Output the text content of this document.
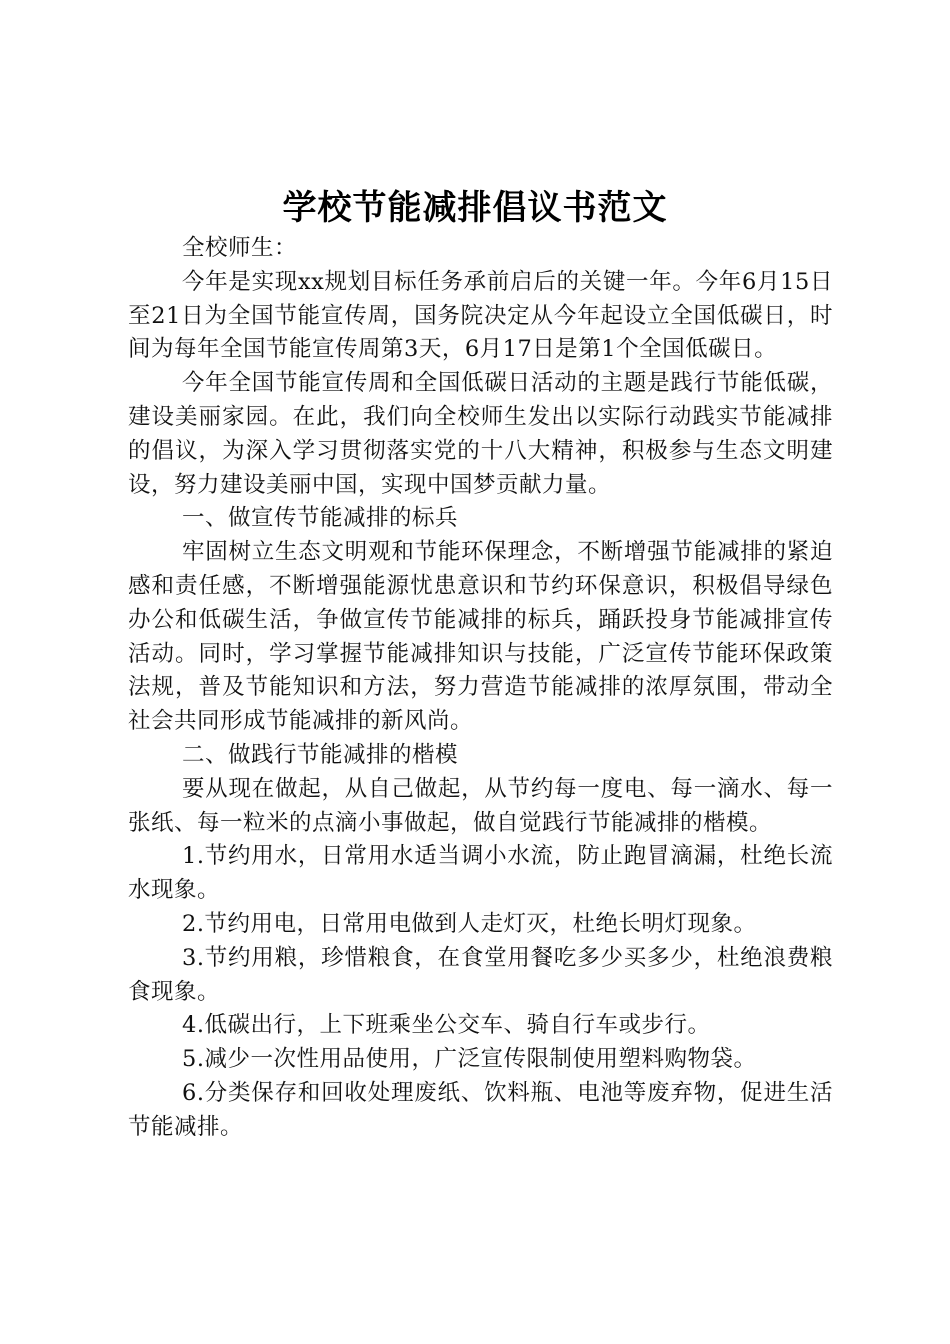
学校节能减排倡议书范文

全校师生：

今年是实现xx规划目标任务承前启后的关键一年。今年6月15日至21日为全国节能宣传周，国务院决定从今年起设立全国低碳日，时间为每年全国节能宣传周第3天，6月17日是第1个全国低碳日。

今年全国节能宣传周和全国低碳日活动的主题是践行节能低碳，建设美丽家园。在此，我们向全校师生发出以实际行动践实节能减排的倡议，为深入学习贯彻落实党的十八大精神，积极参与生态文明建设，努力建设美丽中国，实现中国梦贡献力量。

一、做宣传节能减排的标兵

牢固树立生态文明观和节能环保理念，不断增强节能减排的紧迫感和责任感，不断增强能源忧患意识和节约环保意识，积极倡导绿色办公和低碳生活，争做宣传节能减排的标兵，踊跃投身节能减排宣传活动。同时，学习掌握节能减排知识与技能，广泛宣传节能环保政策法规，普及节能知识和方法，努力营造节能减排的浓厚氛围，带动全社会共同形成节能减排的新风尚。

二、做践行节能减排的楷模

要从现在做起，从自己做起，从节约每一度电、每一滴水、每一张纸、每一粒米的点滴小事做起，做自觉践行节能减排的楷模。

1.节约用水，日常用水适当调小水流，防止跑冒滴漏，杜绝长流水现象。

2.节约用电，日常用电做到人走灯灭，杜绝长明灯现象。

3.节约用粮，珍惜粮食，在食堂用餐吃多少买多少，杜绝浪费粮食现象。

4.低碳出行，上下班乘坐公交车、骑自行车或步行。

5.减少一次性用品使用，广泛宣传限制使用塑料购物袋。

6.分类保存和回收处理废纸、饮料瓶、电池等废弃物，促进生活节能减排。
